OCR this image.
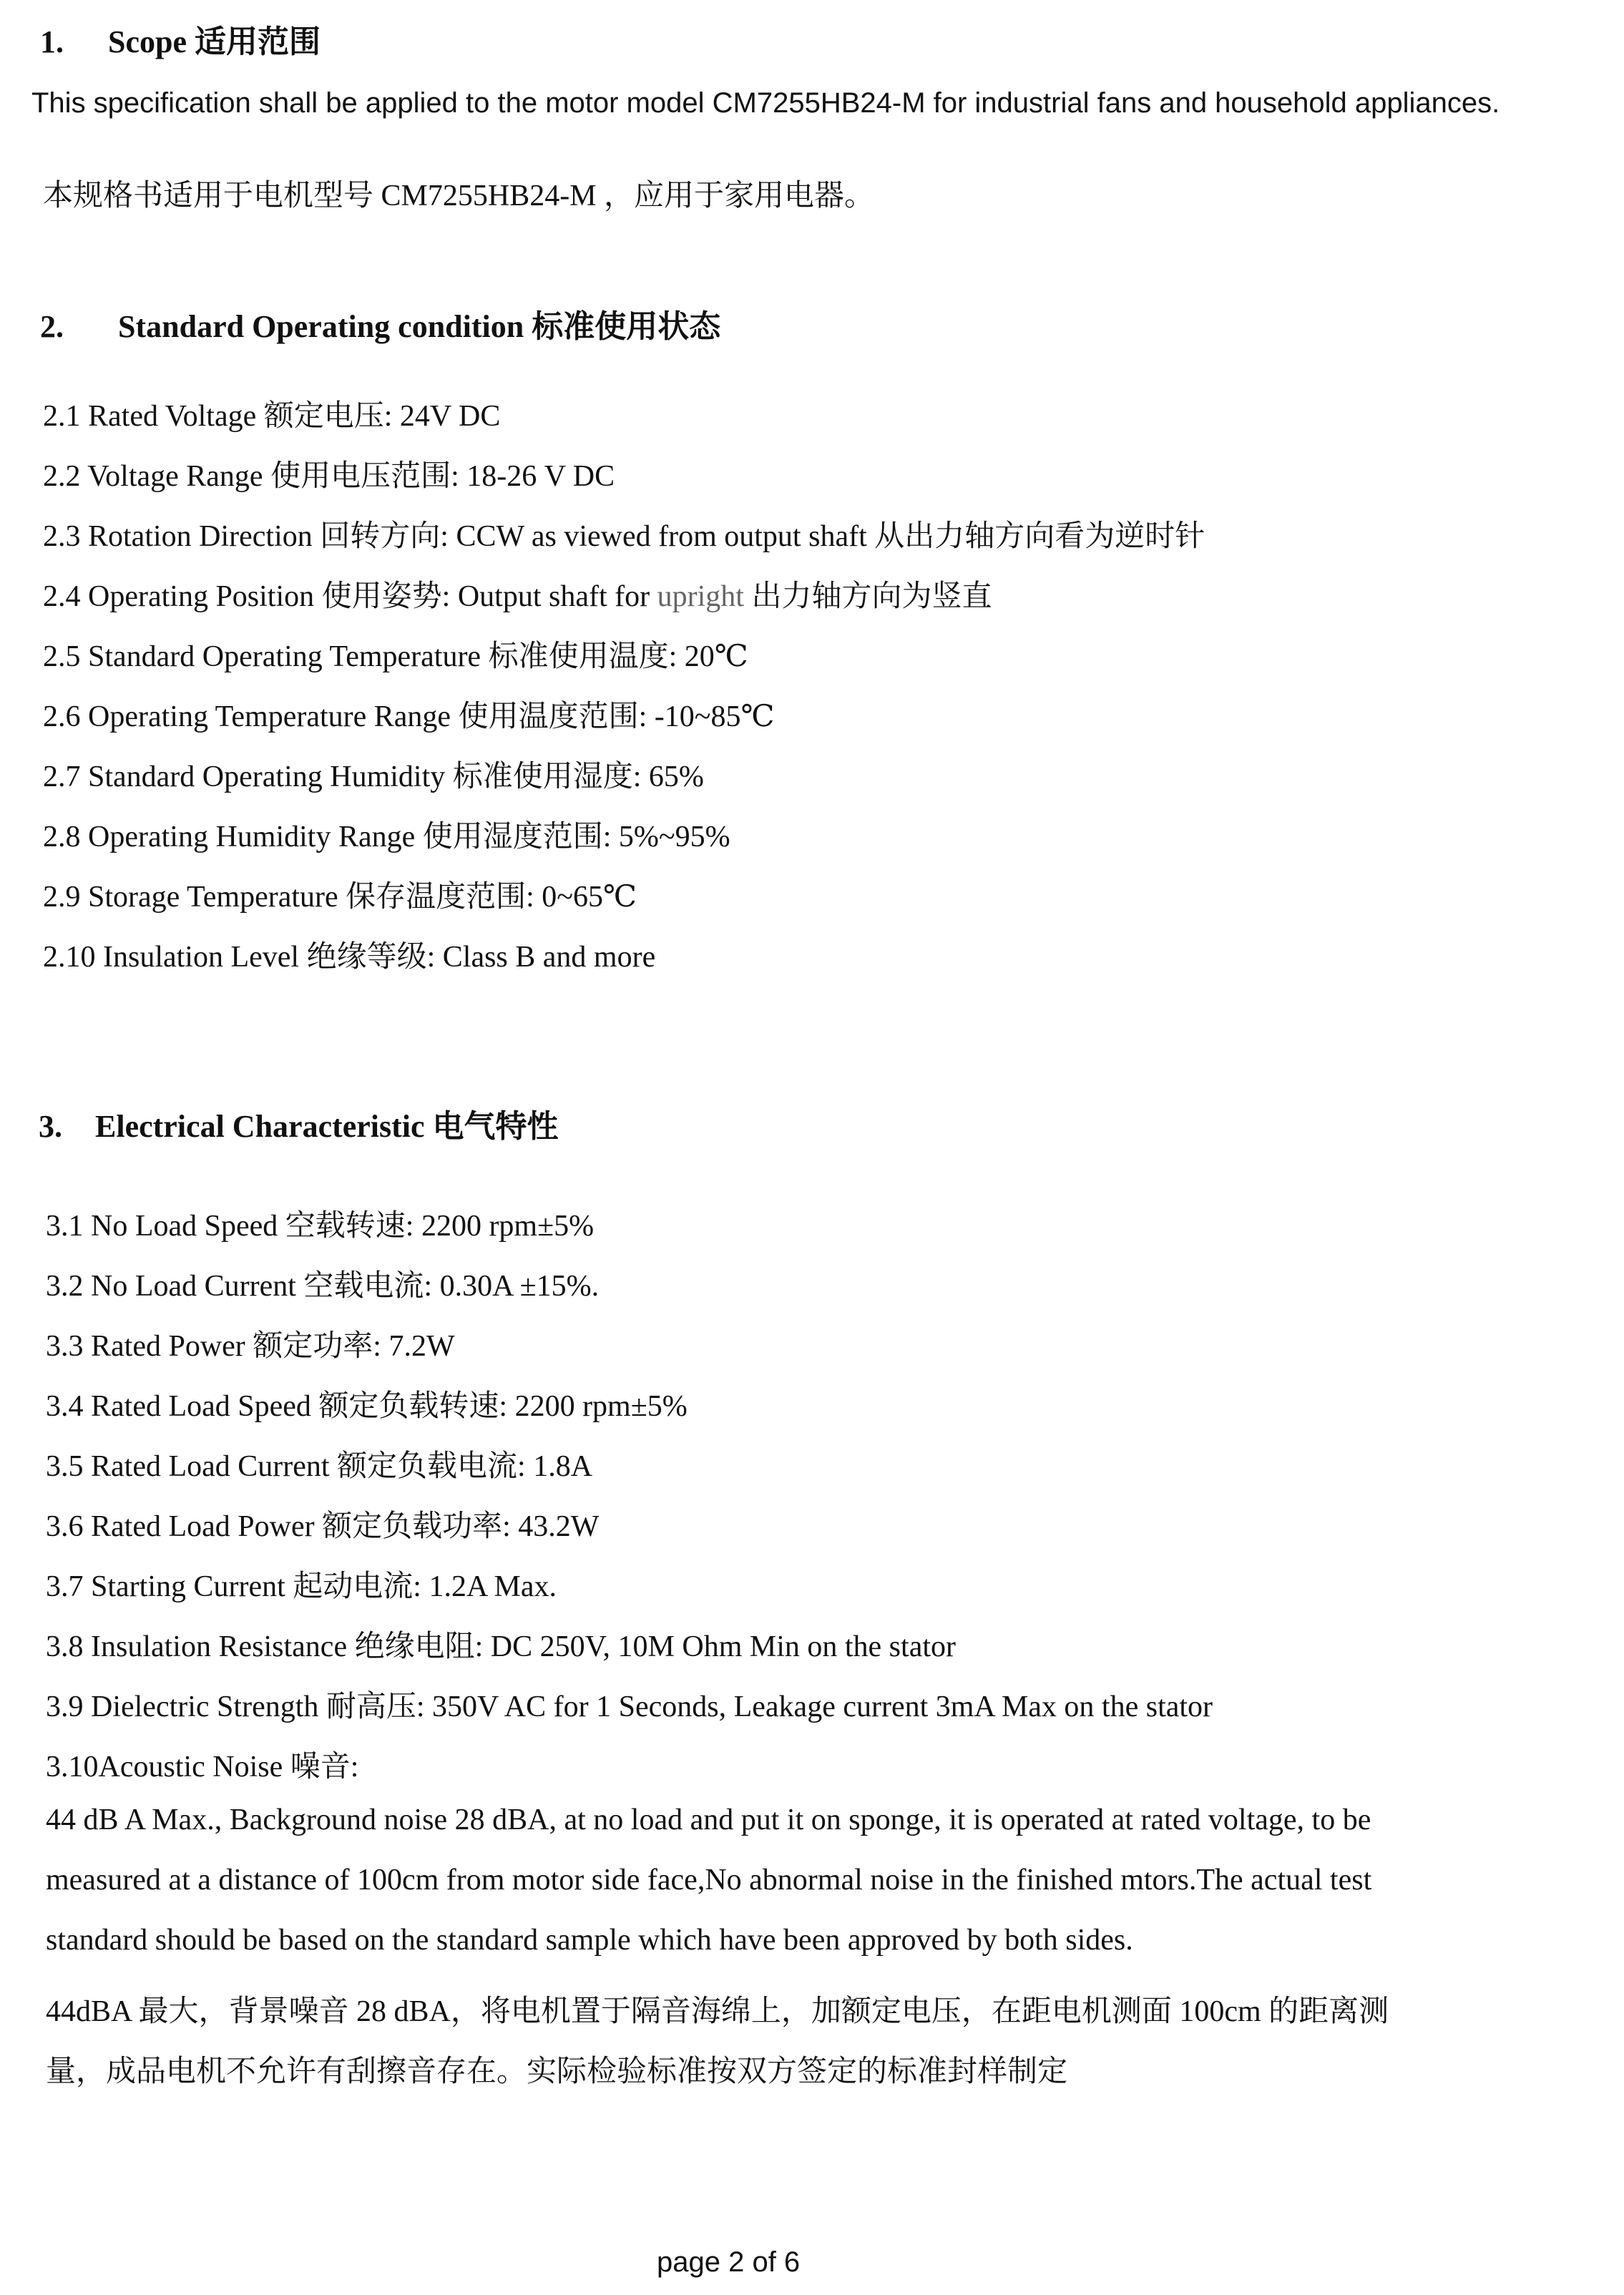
1. Scope 适用范围
This specification shall be applied to the motor model CM7255HB24-M for industrial fans and household appliances.
本规格书适用于电机型号 CM7255HB24-M ，应用于家用电器。
2. Standard Operating condition 标准使用状态
2.1 Rated Voltage 额定电压: 24V DC
2.2 Voltage Range 使用电压范围: 18-26 V DC
2.3 Rotation Direction 回转方向: CCW as viewed from output shaft 从出力轴方向看为逆时针
2.4 Operating Position 使用姿势: Output shaft for upright 出力轴方向为竖直
2.5 Standard Operating Temperature 标准使用温度: 20℃
2.6 Operating Temperature Range 使用温度范围: -10~85℃
2.7 Standard Operating Humidity 标准使用湿度: 65%
2.8 Operating Humidity Range 使用湿度范围: 5%~95%
2.9 Storage Temperature 保存温度范围: 0~65℃
2.10 Insulation Level 绝缘等级: Class B and more
3. Electrical Characteristic 电气特性
3.1 No Load Speed 空载转速: 2200 rpm±5%
3.2 No Load Current 空载电流: 0.30A ±15%.
3.3 Rated Power 额定功率: 7.2W
3.4 Rated Load Speed 额定负载转速: 2200 rpm±5%
3.5 Rated Load Current 额定负载电流: 1.8A
3.6 Rated Load Power 额定负载功率: 43.2W
3.7 Starting Current 起动电流: 1.2A Max.
3.8 Insulation Resistance 绝缘电阻: DC 250V, 10M Ohm Min on the stator
3.9 Dielectric Strength 耐高压: 350V AC for 1 Seconds, Leakage current 3mA Max on the stator
3.10Acoustic Noise 噪音:
44 dB A Max., Background noise 28 dBA, at no load and put it on sponge, it is operated at rated voltage, to be
measured at a distance of 100cm from motor side face,No abnormal noise in the finished mtors.The actual test
standard should be based on the standard sample which have been approved by both sides.
44dBA 最大，背景噪音 28 dBA，将电机置于隔音海绵上，加额定电压，在距电机测面 100cm 的距离测
量，成品电机不允许有刮擦音存在。实际检验标准按双方签定的标准封样制定
page 2 of 6
